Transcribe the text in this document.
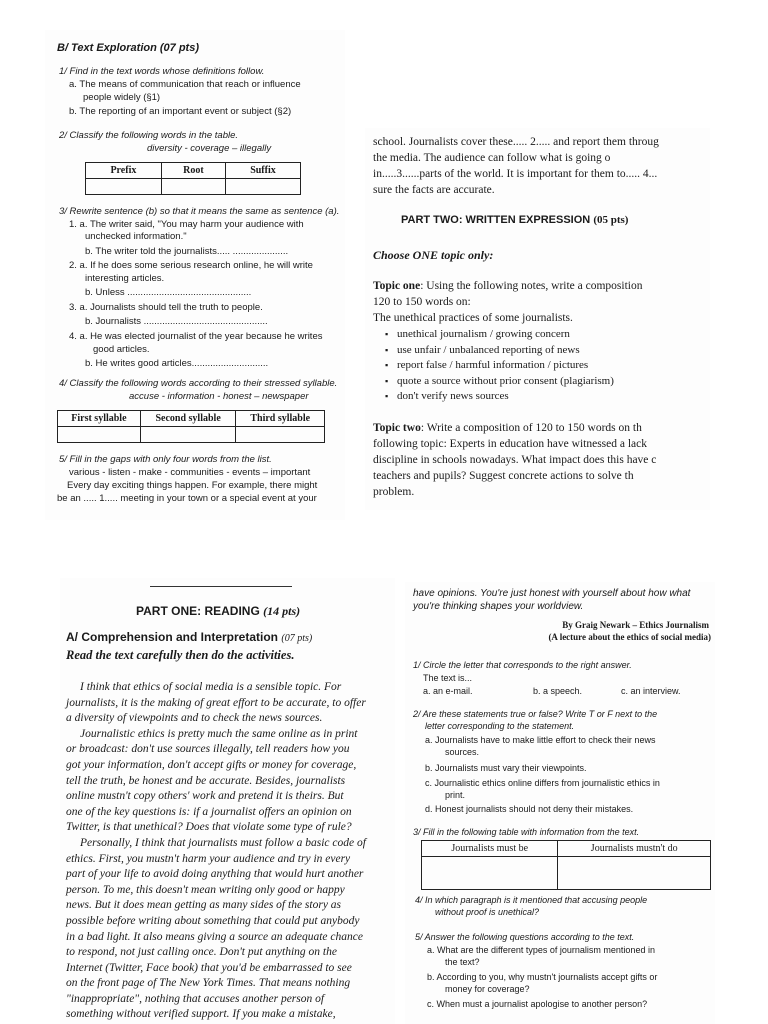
B/ Text Exploration (07 pts)
1/ Find in the text words whose definitions follow.
a. The means of communication that reach or influence
people widely (§1)
b. The reporting of an important event or subject (§2)
2/ Classify the following words in the table.
diversity - coverage – illegally
Prefix	Root	Suffix

3/ Rewrite sentence (b) so that it means the same as sentence (a).
1. a. The writer said, "You may harm your audience with
unchecked information."
b. The writer told the journalists..... .....................
2. a. If he does some serious research online, he will write
interesting articles.
b. Unless ...............................................
3. a. Journalists should tell the truth to people.
b. Journalists ...............................................
4. a. He was elected journalist of the year because he writes
good articles.
b. He writes good articles.............................
4/ Classify the following words according to their stressed syllable.
accuse - information - honest – newspaper
First syllable	Second syllable	Third syllable

5/ Fill in the gaps with only four words from the list.
various - listen - make - communities - events – important
Every day exciting things happen. For example, there might
be an ..... 1..... meeting in your town or a special event at your
school. Journalists cover these..... 2..... and report them throug
the media. The audience can follow what is going o
in.....3......parts of the world. It is important for them to..... 4...
sure the facts are accurate.
PART TWO: WRITTEN EXPRESSION (05 pts)
Choose ONE topic only:
Topic one: Using the following notes, write a composition
120 to 150 words on:
The unethical practices of some journalists.
▪ unethical journalism / growing concern
▪ use unfair / unbalanced reporting of news
▪ report false / harmful information / pictures
▪ quote a source without prior consent (plagiarism)
▪ don't verify news sources
Topic two: Write a composition of 120 to 150 words on th
following topic: Experts in education have witnessed a lack
discipline in schools nowadays. What impact does this have c
teachers and pupils? Suggest concrete actions to solve th
problem.
PART ONE: READING (14 pts)
A/ Comprehension and Interpretation (07 pts)
Read the text carefully then do the activities.
I think that ethics of social media is a sensible topic. For
journalists, it is the making of great effort to be accurate, to offer
a diversity of viewpoints and to check the news sources.
Journalistic ethics is pretty much the same online as in print
or broadcast: don't use sources illegally, tell readers how you
got your information, don't accept gifts or money for coverage,
tell the truth, be honest and be accurate. Besides, journalists
online mustn't copy others' work and pretend it is theirs. But
one of the key questions is: if a journalist offers an opinion on
Twitter, is that unethical? Does that violate some type of rule?
Personally, I think that journalists must follow a basic code of
ethics. First, you mustn't harm your audience and try in every
part of your life to avoid doing anything that would hurt another
person. To me, this doesn't mean writing only good or happy
news. But it does mean getting as many sides of the story as
possible before writing about something that could put anybody
in a bad light. It also means giving a source an adequate chance
to respond, not just calling once. Don't put anything on the
Internet (Twitter, Face book) that you'd be embarrassed to see
on the front page of The New York Times. That means nothing
"inappropriate", nothing that accuses another person of
something without verified support. If you make a mistake,
have opinions. You're just honest with yourself about how what
you're thinking shapes your worldview.
By Graig Newark – Ethics Journalism
(A lecture about the ethics of social media)
1/ Circle the letter that corresponds to the right answer.
The text is...
a. an e-mail.	b. a speech.	c. an interview.
2/ Are these statements true or false? Write T or F next to the
letter corresponding to the statement.
a. Journalists have to make little effort to check their news
sources.
b. Journalists must vary their viewpoints.
c. Journalistic ethics online differs from journalistic ethics in
print.
d. Honest journalists should not deny their mistakes.
3/ Fill in the following table with information from the text.
Journalists must be	Journalists mustn't do

4/ In which paragraph is it mentioned that accusing people
without proof is unethical?
5/ Answer the following questions according to the text.
a. What are the different types of journalism mentioned in
the text?
b. According to you, why mustn't journalists accept gifts or
money for coverage?
c. When must a journalist apologise to another person?
